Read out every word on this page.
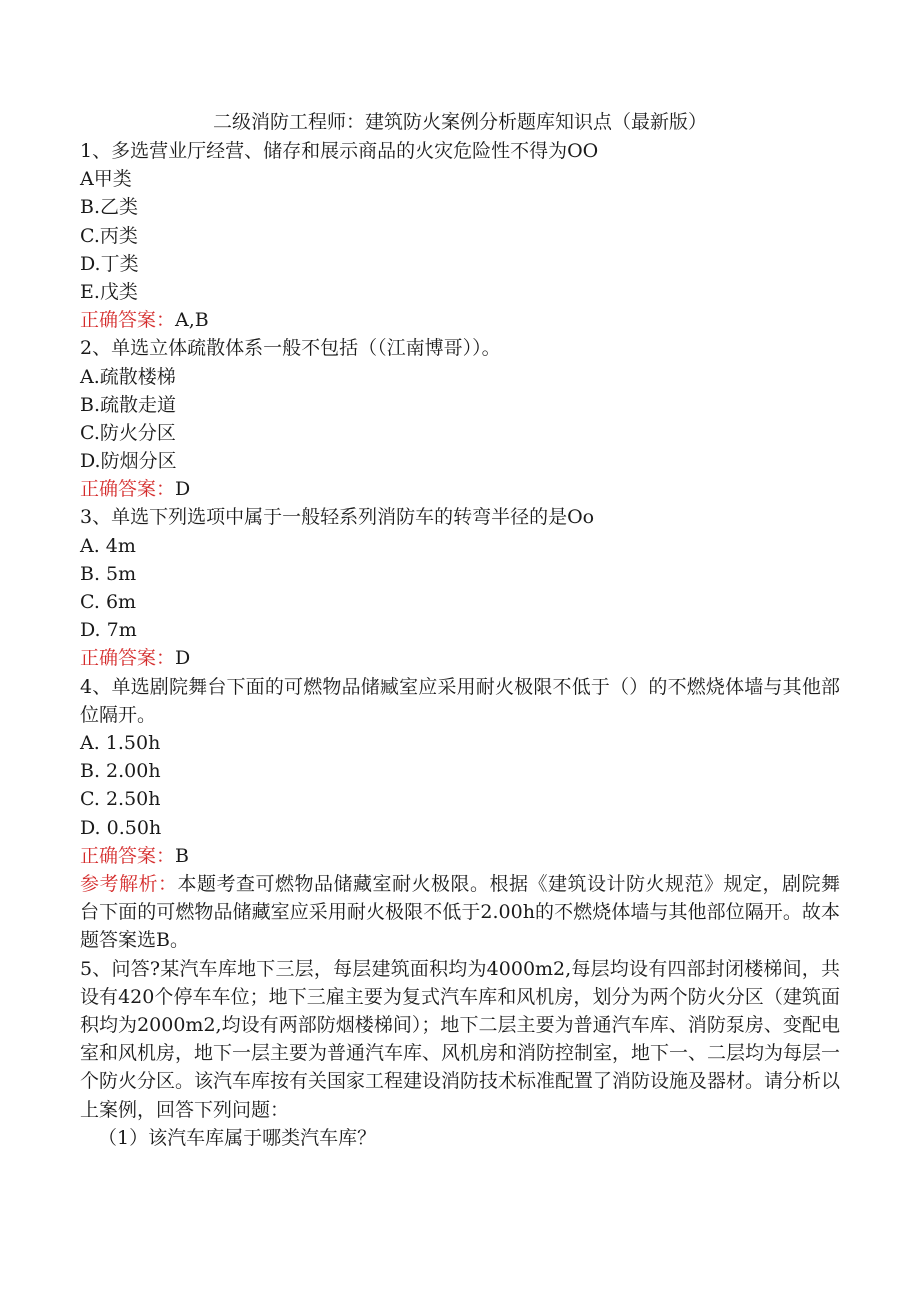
二级消防工程师：建筑防火案例分析题库知识点（最新版）
1、多选营业厅经营、储存和展示商品的火灾危险性不得为OO
A甲类
B.乙类
C.丙类
D.丁类
E.戊类
正确答案：A,B
2、单选立体疏散体系一般不包括（（江南博哥））。
A.疏散楼梯
B.疏散走道
C.防火分区
D.防烟分区
正确答案：D
3、单选下列选项中属于一般轻系列消防车的转弯半径的是Oo
A. 4m
B. 5m
C. 6m
D. 7m
正确答案：D
4、单选剧院舞台下面的可燃物品储臧室应采用耐火极限不低于（）的不燃烧体墙与其他部位隔开。
A. 1.50h
B. 2.00h
C. 2.50h
D. 0.50h
正确答案：B
参考解析：本题考查可燃物品储藏室耐火极限。根据《建筑设计防火规范》规定，剧院舞台下面的可燃物品储藏室应采用耐火极限不低于2.00h的不燃烧体墙与其他部位隔开。故本题答案选B。
5、问答?某汽车库地下三层，每层建筑面积均为4000m2,每层均设有四部封闭楼梯间，共设有420个停车车位；地下三雇主要为复式汽车库和风机房，划分为两个防火分区（建筑面积均为2000m2,均设有两部防烟楼梯间）；地下二层主要为普通汽车库、消防泵房、变配电室和风机房，地下一层主要为普通汽车库、风机房和消防控制室，地下一、二层均为每层一个防火分区。该汽车库按有关国家工程建设消防技术标准配置了消防设施及器材。请分析以上案例，回答下列问题：
（1）该汽车库属于哪类汽车库？
